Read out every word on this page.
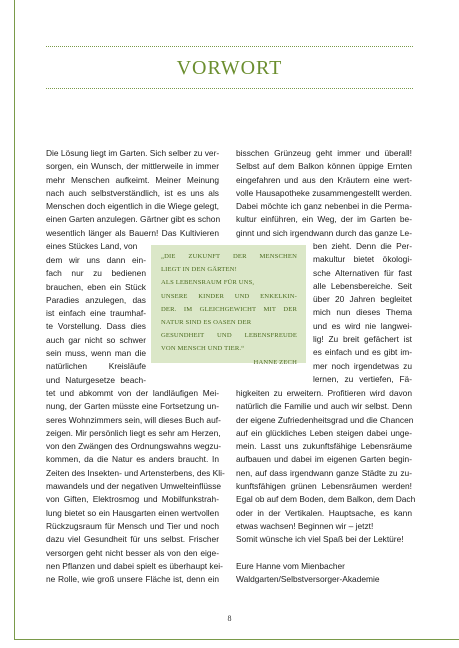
VORWORT
Die Lösung liegt im Garten. Sich selber zu ver-
sorgen, ein Wunsch, der mittlerweile in immer
mehr Menschen aufkeimt. Meiner Meinung
nach auch selbstverständlich, ist es uns als
Menschen doch eigentlich in die Wiege gelegt,
einen Garten anzulegen. Gärtner gibt es schon
wesentlich länger als Bauern! Das Kultivieren
eines Stückes Land, von
dem wir uns dann ein-
fach nur zu bedienen
brauchen, eben ein Stück
Paradies anzulegen, das
ist einfach eine traumhaf-
te Vorstellung. Dass dies
auch gar nicht so schwer
sein muss, wenn man die
natürlichen Kreisläufe
und Naturgesetze beach-
tet und abkommt von der landläufigen Mei-
nung, der Garten müsste eine Fortsetzung un-
seres Wohnzimmers sein, will dieses Buch auf-
zeigen. Mir persönlich liegt es sehr am Herzen,
von den Zwängen des Ordnungswahns wegzu-
kommen, da die Natur es anders braucht. In
Zeiten des Insekten- und Artensterbens, des Kli-
mawandels und der negativen Umwelteinflüsse
von Giften, Elektrosmog und Mobilfunkstrah-
lung bietet so ein Hausgarten einen wertvollen
Rückzugsraum für Mensch und Tier und noch
dazu viel Gesundheit für uns selbst. Frischer
versorgen geht nicht besser als von den eige-
nen Pflanzen und dabei spielt es überhaupt kei-
ne Rolle, wie groß unsere Fläche ist, denn ein
bisschen Grünzeug geht immer und überall!
Selbst auf dem Balkon können üppige Ernten
eingefahren und aus den Kräutern eine wert-
volle Hausapotheke zusammengestellt werden.
Dabei möchte ich ganz nebenbei in die Perma-
kultur einführen, ein Weg, der im Garten be-
ginnt und sich irgendwann durch das ganze Le-
ben zieht. Denn die Per-
makultur bietet ökologi-
sche Alternativen für fast
alle Lebensbereiche. Seit
über 20 Jahren begleitet
mich nun dieses Thema
und es wird nie langwei-
lig! Zu breit gefächert ist
es einfach und es gibt im-
mer noch irgendetwas zu
lernen, zu vertiefen, Fä-
higkeiten zu erweitern. Profitieren wird davon
natürlich die Familie und auch wir selbst. Denn
der eigene Zufriedenheitsgrad und die Chancen
auf ein glückliches Leben steigen dabei unge-
mein. Lasst uns zukunftsfähige Lebensräume
aufbauen und dabei im eigenen Garten begin-
nen, auf dass irgendwann ganze Städte zu zu-
kunftsfähigen grünen Lebensräumen werden!
Egal ob auf dem Boden, dem Balkon, dem Dach
oder in der Vertikalen. Hauptsache, es kann
etwas wachsen! Beginnen wir – jetzt!
Somit wünsche ich viel Spaß bei der Lektüre!

Eure Hanne vom Mienbacher
Waldgarten/Selbstversorger-Akademie
„DIE ZUKUNFT DER MENSCHEN
LIEGT IN DEN GÄRTEN!
ALS LEBENSRAUM FÜR UNS,
UNSERE KINDER UND ENKELKIN-
DER. IM GLEICHGEWICHT MIT DER
NATUR SIND ES OASEN DER
GESUNDHEIT UND LEBENSFREUDE
VON MENSCH UND TIER.“
HANNE ZECH
8
